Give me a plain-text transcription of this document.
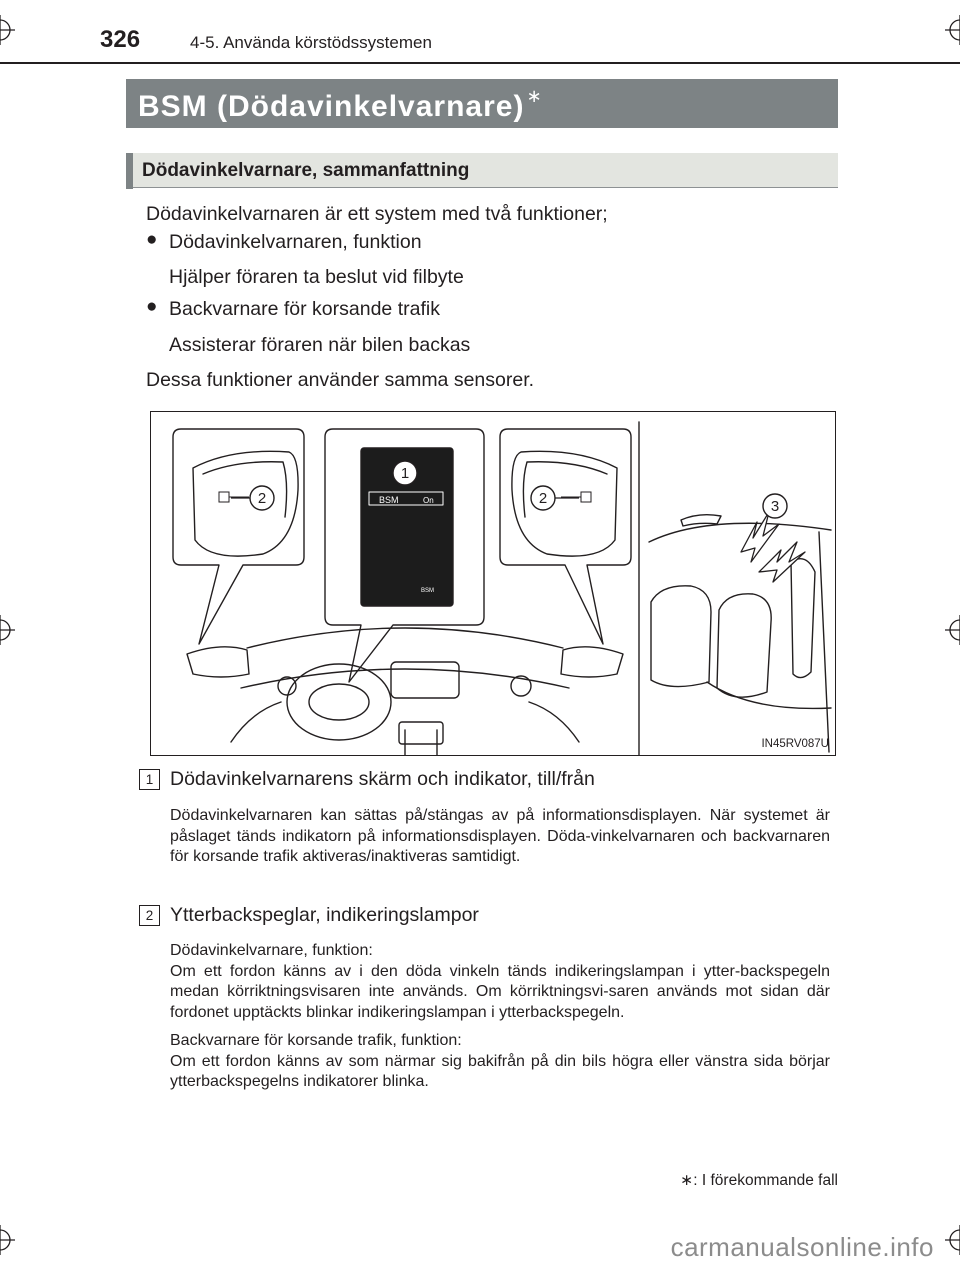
326	4-5. Använda körstödssystemen
BSM (Dödavinkelvarnare) ∗
Dödavinkelvarnare, sammanfattning
Dödavinkelvarnaren är ett system med två funktioner;
● Dödavinkelvarnaren, funktion
Hjälper föraren ta beslut vid filbyte
● Backvarnare för korsande trafik
Assisterar föraren när bilen backas
Dessa funktioner använder samma sensorer.
BSM	On
BSM
1
2	2	3
IN45RV087U
1 Dödavinkelvarnarens skärm och indikator, till/från

Dödavinkelvarnaren kan sättas på/stängas av på informationsdisplayen. När systemet är påslaget tänds indikatorn på informationsdisplayen. Döda-vinkelvarnaren och backvarnaren för korsande trafik aktiveras/inaktiveras samtidigt.

2 Ytterbackspeglar, indikeringslampor

Dödavinkelvarnare, funktion:

Om ett fordon känns av i den döda vinkeln tänds indikeringslampan i ytter-backspegeln medan körriktningsvisaren inte används. Om körriktningsvi-saren används mot sidan där fordonet upptäckts blinkar indikeringslampan i ytterbackspegeln.

Backvarnare för korsande trafik, funktion:

Om ett fordon känns av som närmar sig bakifrån på din bils högra eller vänstra sida börjar ytterbackspegelns indikatorer blinka.

∗: I förekommande fall
carmanualsonline.info
